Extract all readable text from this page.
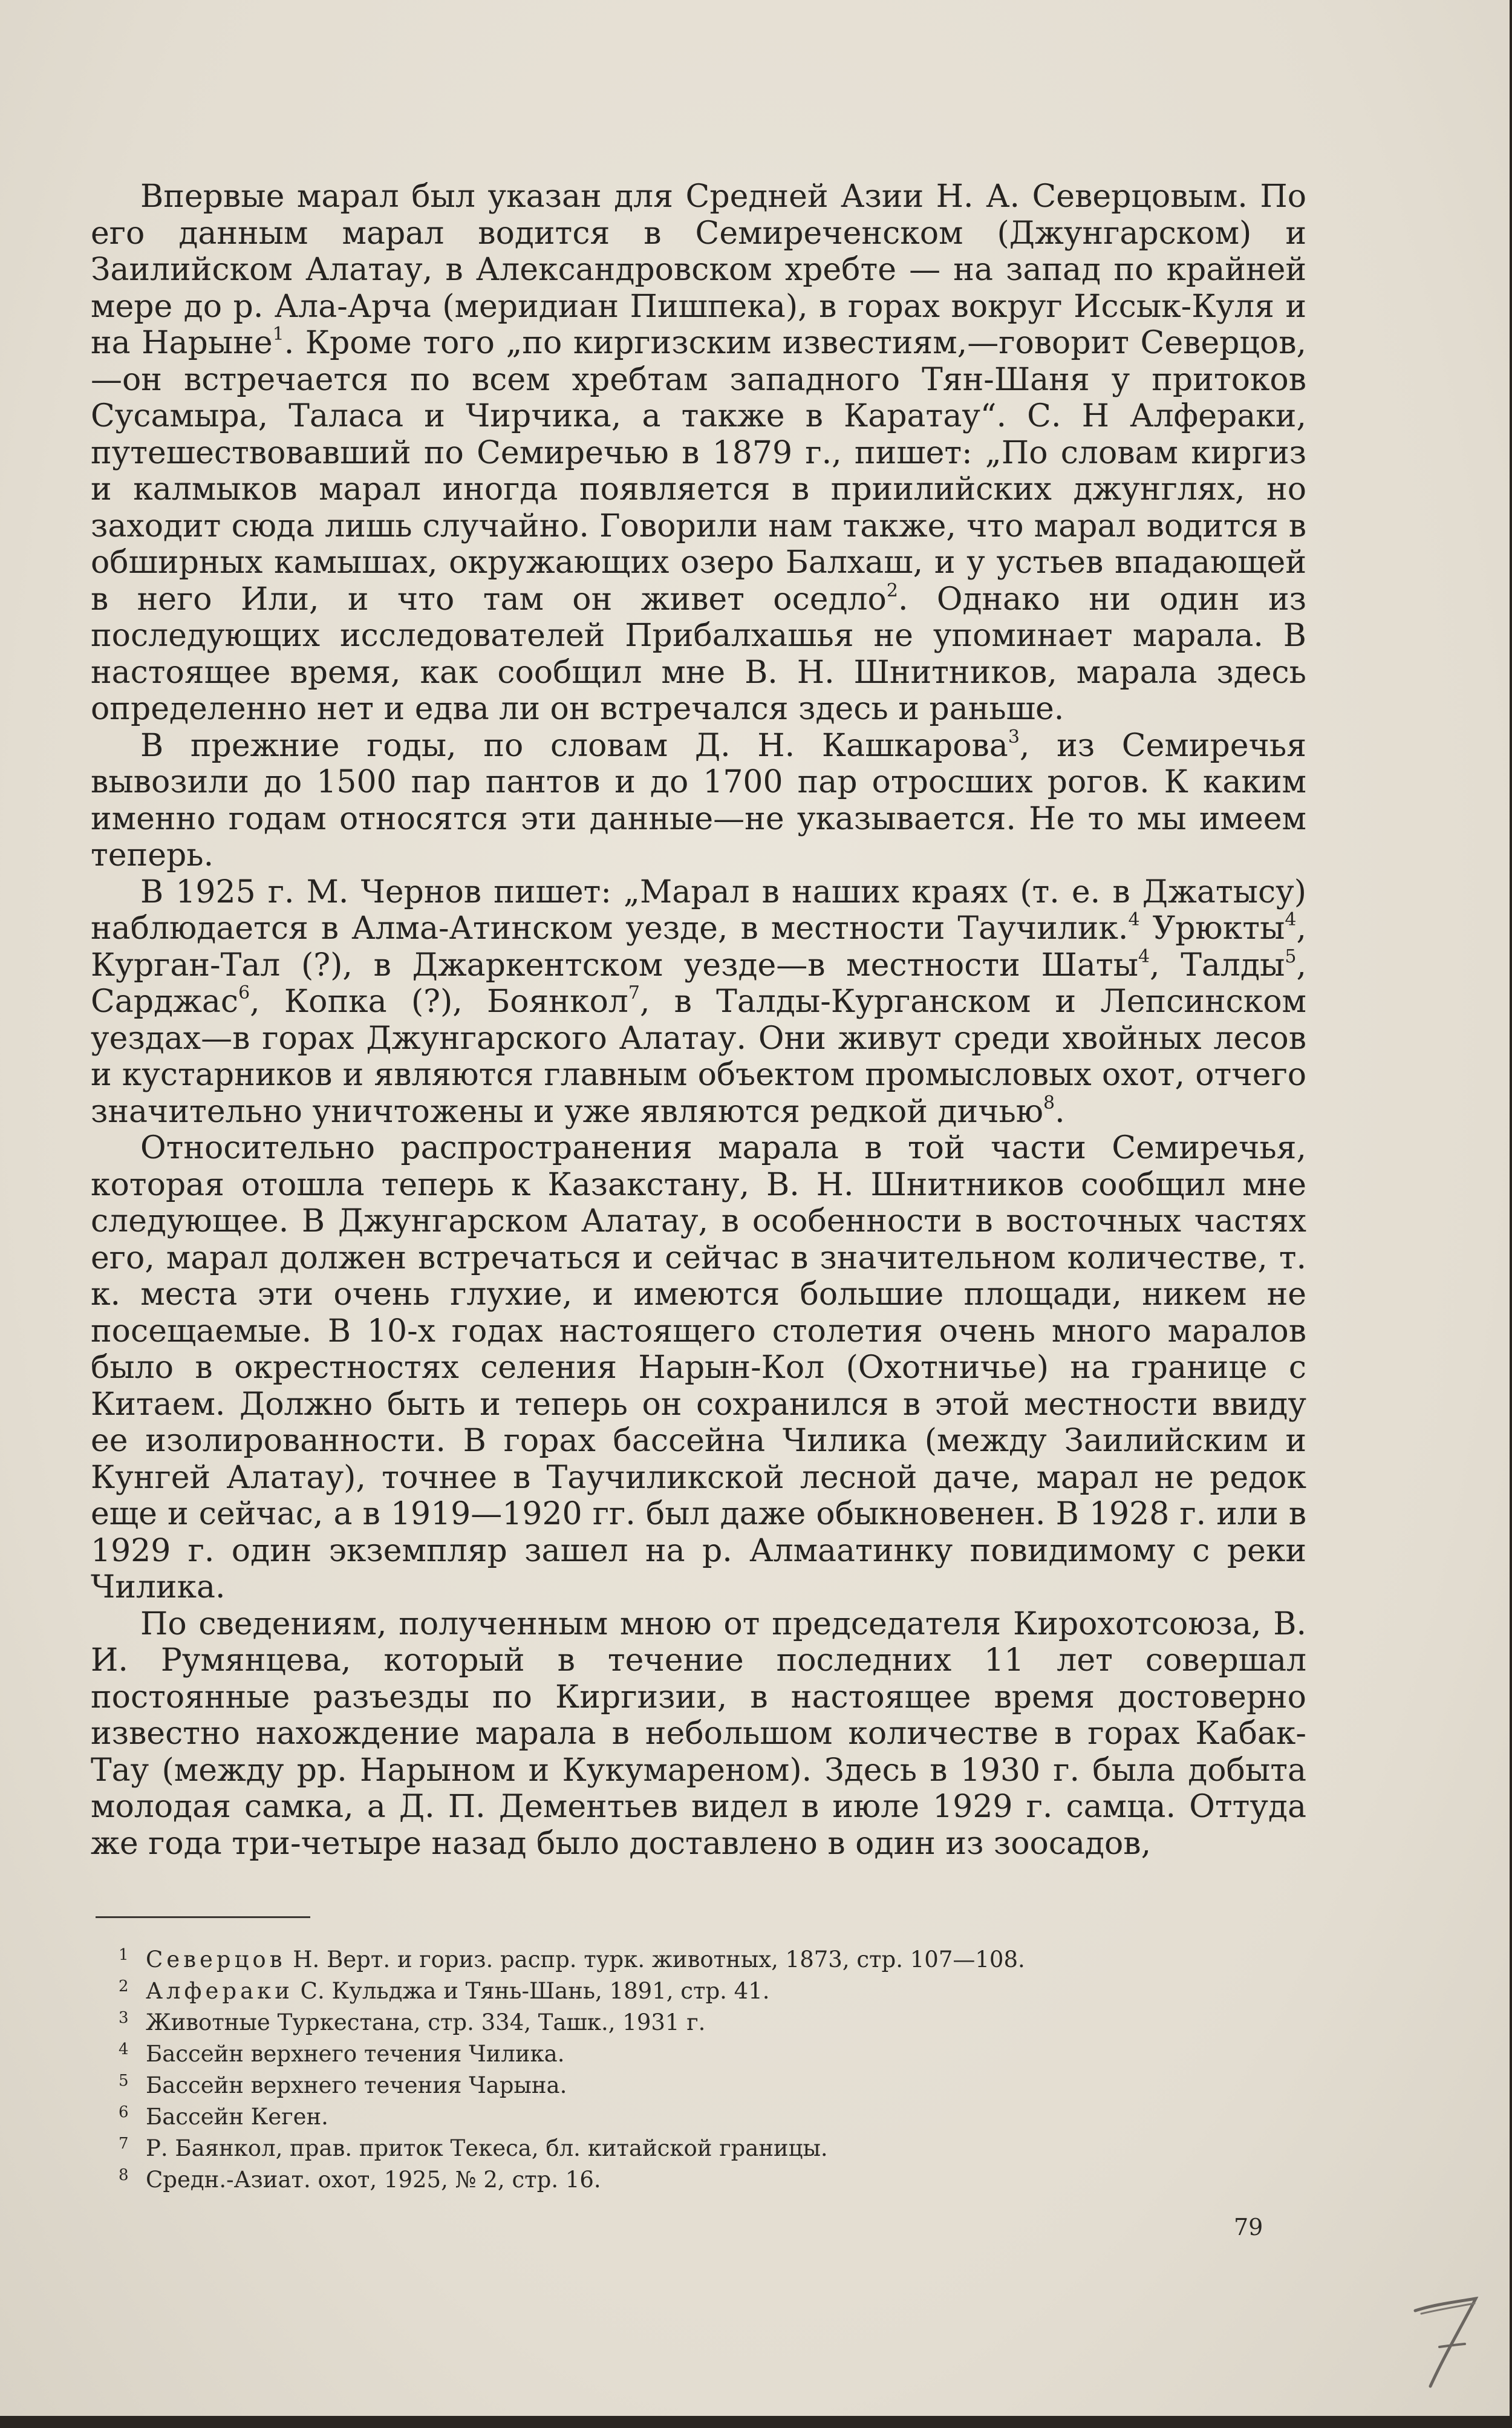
Впервые марал был указан для Средней Азии Н. А. Северцовым. По его данным марал водится в Семиреченском (Джунгарском) и Заилийском Алатау, в Александровском хребте — на запад по крайней мере до р. Ала-Арча (меридиан Пишпека), в горах вокруг Иссык-Куля и на Нарыне$^1$. Кроме того „по киргизским известиям,—говорит Северцов,—он встречается по всем хребтам западного Тян-Шаня у притоков Сусамыра, Таласа и Чирчика, а также в Каратау“. С. Н Алфераки, путешествовавший по Семиречью в 1879 г., пишет: „По словам киргиз и калмыков марал иногда появляется в приилийских джунглях, но заходит сюда лишь случайно. Говорили нам также, что марал водится в обширных камышах, окружающих озеро Балхаш, и у устьев впадающей в него Или, и что там он живет оседло$^2$. Однако ни один из последующих исследователей Прибалхашья не упоминает марала. В настоящее время, как сообщил мне В. Н. Шнитников, марала здесь определенно нет и едва ли он встречался здесь и раньше.

В прежние годы, по словам Д. Н. Кашкарова$^3$, из Семиречья вывозили до 1500 пар пантов и до 1700 пар отросших рогов. К каким именно годам относятся эти данные—не указывается. Не то мы имеем теперь.

В 1925 г. М. Чернов пишет: „Марал в наших краях (т. е. в Джатысу) наблюдается в Алма-Атинском уезде, в местности Таучилик.$^4$ Урюкты$^4$, Курган-Тал (?), в Джаркентском уезде—в местности Шаты$^4$, Талды$^5$, Сарджас$^6$, Копка (?), Боянкол$^7$, в Талды-Курганском и Лепсинском уездах—в горах Джунгарского Алатау. Они живут среди хвойных лесов и кустарников и являются главным объектом промысловых охот, отчего значительно уничтожены и уже являются редкой дичью$^8$.

Относительно распространения марала в той части Семиречья, которая отошла теперь к Казакстану, В. Н. Шнитников сообщил мне следующее. В Джунгарском Алатау, в особенности в восточных частях его, марал должен встречаться и сейчас в значительном количестве, т. к. места эти очень глухие, и имеются большие площади, никем не посещаемые. В 10-х годах настоящего столетия очень много маралов было в окрестностях селения Нарын-Кол (Охотничье) на границе с Китаем. Должно быть и теперь он сохранился в этой местности ввиду ее изолированности. В горах бассейна Чилика (между Заилийским и Кунгей Алатау), точнее в Таучиликской лесной даче, марал не редок еще и сейчас, а в 1919—1920 гг. был даже обыкновенен. В 1928 г. или в 1929 г. один экземпляр зашел на р. Алмаатинку повидимому с реки Чилика.

По сведениям, полученным мною от председателя Кирохотсоюза, В. И. Румянцева, который в течение последних 11 лет совершал постоянные разъезды по Киргизии, в настоящее время достоверно известно нахождение марала в небольшом количестве в горах Кабак-Тау (между рр. Нарыном и Кукумареном). Здесь в 1930 г. была добыта молодая самка, а Д. П. Дементьев видел в июле 1929 г. самца. Оттуда же года три-четыре назад было доставлено в один из зоосадов,

1 Северцов Н. Верт. и гориз. распр. турк. животных, 1873, стр. 107—108.
2 Алфераки С. Кульджа и Тянь-Шань, 1891, стр. 41.
3 Животные Туркестана, стр. 334, Ташк., 1931 г.
4 Бассейн верхнего течения Чилика.
5 Бассейн верхнего течения Чарына.
6 Бассейн Кеген.
7 Р. Баянкол, прав. приток Текеса, бл. китайской границы.
8 Средн.-Азиат. охот, 1925, № 2, стр. 16.
79
